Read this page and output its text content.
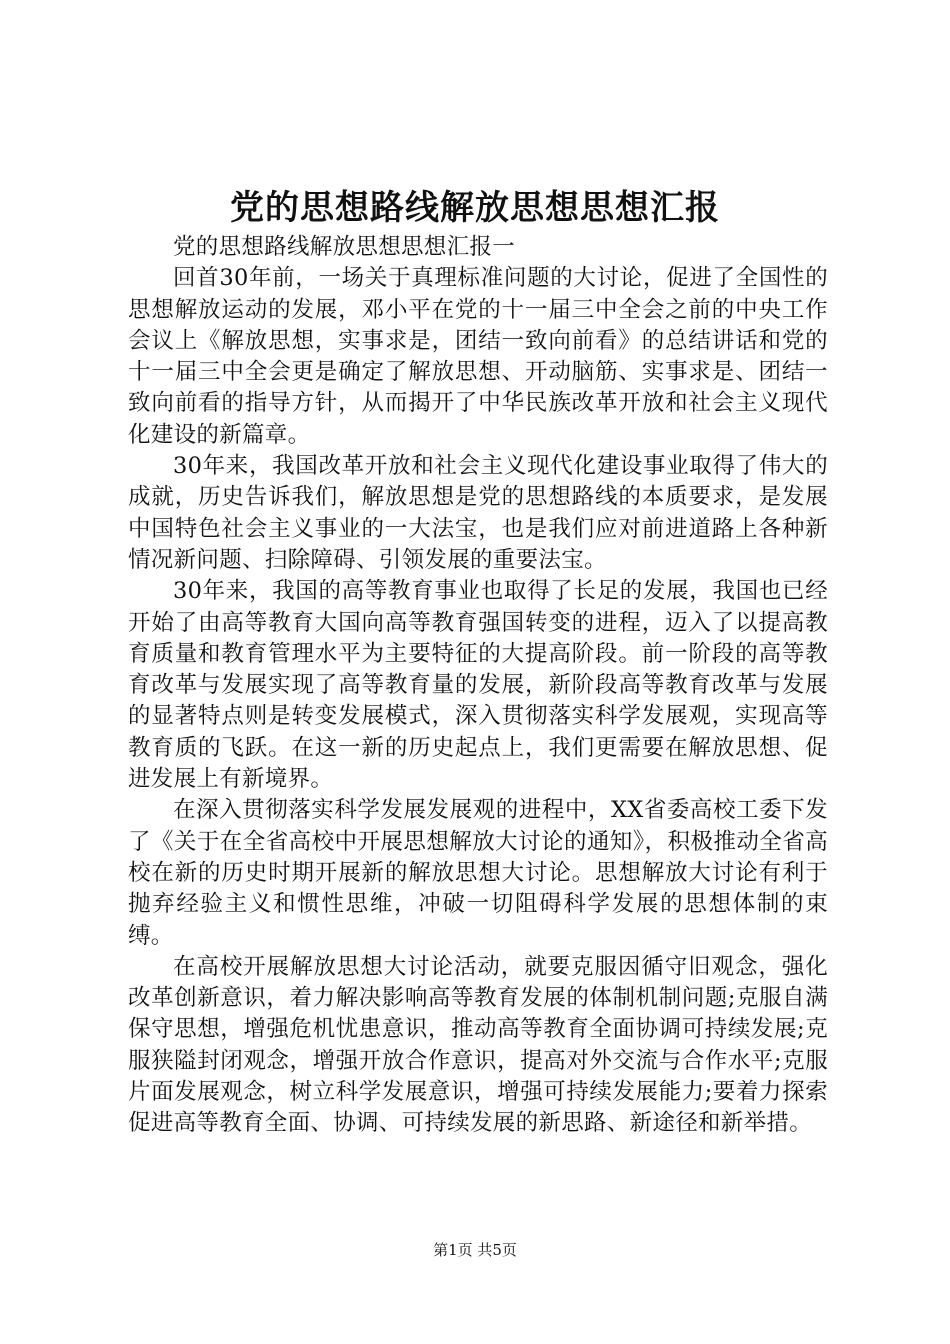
党的思想路线解放思想思想汇报

党的思想路线解放思想思想汇报一

回首30年前，一场关于真理标准问题的大讨论，促进了全国性的思想解放运动的发展，邓小平在党的十一届三中全会之前的中央工作会议上《解放思想，实事求是，团结一致向前看》的总结讲话和党的十一届三中全会更是确定了解放思想、开动脑筋、实事求是、团结一致向前看的指导方针，从而揭开了中华民族改革开放和社会主义现代化建设的新篇章。

30年来，我国改革开放和社会主义现代化建设事业取得了伟大的成就，历史告诉我们，解放思想是党的思想路线的本质要求，是发展中国特色社会主义事业的一大法宝，也是我们应对前进道路上各种新情况新问题、扫除障碍、引领发展的重要法宝。

30年来，我国的高等教育事业也取得了长足的发展，我国也已经开始了由高等教育大国向高等教育强国转变的进程，迈入了以提高教育质量和教育管理水平为主要特征的大提高阶段。前一阶段的高等教育改革与发展实现了高等教育量的发展，新阶段高等教育改革与发展的显著特点则是转变发展模式，深入贯彻落实科学发展观，实现高等教育质的飞跃。在这一新的历史起点上，我们更需要在解放思想、促进发展上有新境界。

在深入贯彻落实科学发展发展观的进程中，XX省委高校工委下发了《关于在全省高校中开展思想解放大讨论的通知》，积极推动全省高校在新的历史时期开展新的解放思想大讨论。思想解放大讨论有利于抛弃经验主义和惯性思维，冲破一切阻碍科学发展的思想体制的束缚。

在高校开展解放思想大讨论活动，就要克服因循守旧观念，强化改革创新意识，着力解决影响高等教育发展的体制机制问题;克服自满保守思想，增强危机忧患意识，推动高等教育全面协调可持续发展;克服狭隘封闭观念，增强开放合作意识，提高对外交流与合作水平;克服片面发展观念，树立科学发展意识，增强可持续发展能力;要着力探索促进高等教育全面、协调、可持续发展的新思路、新途径和新举措。

第1页 共5页
